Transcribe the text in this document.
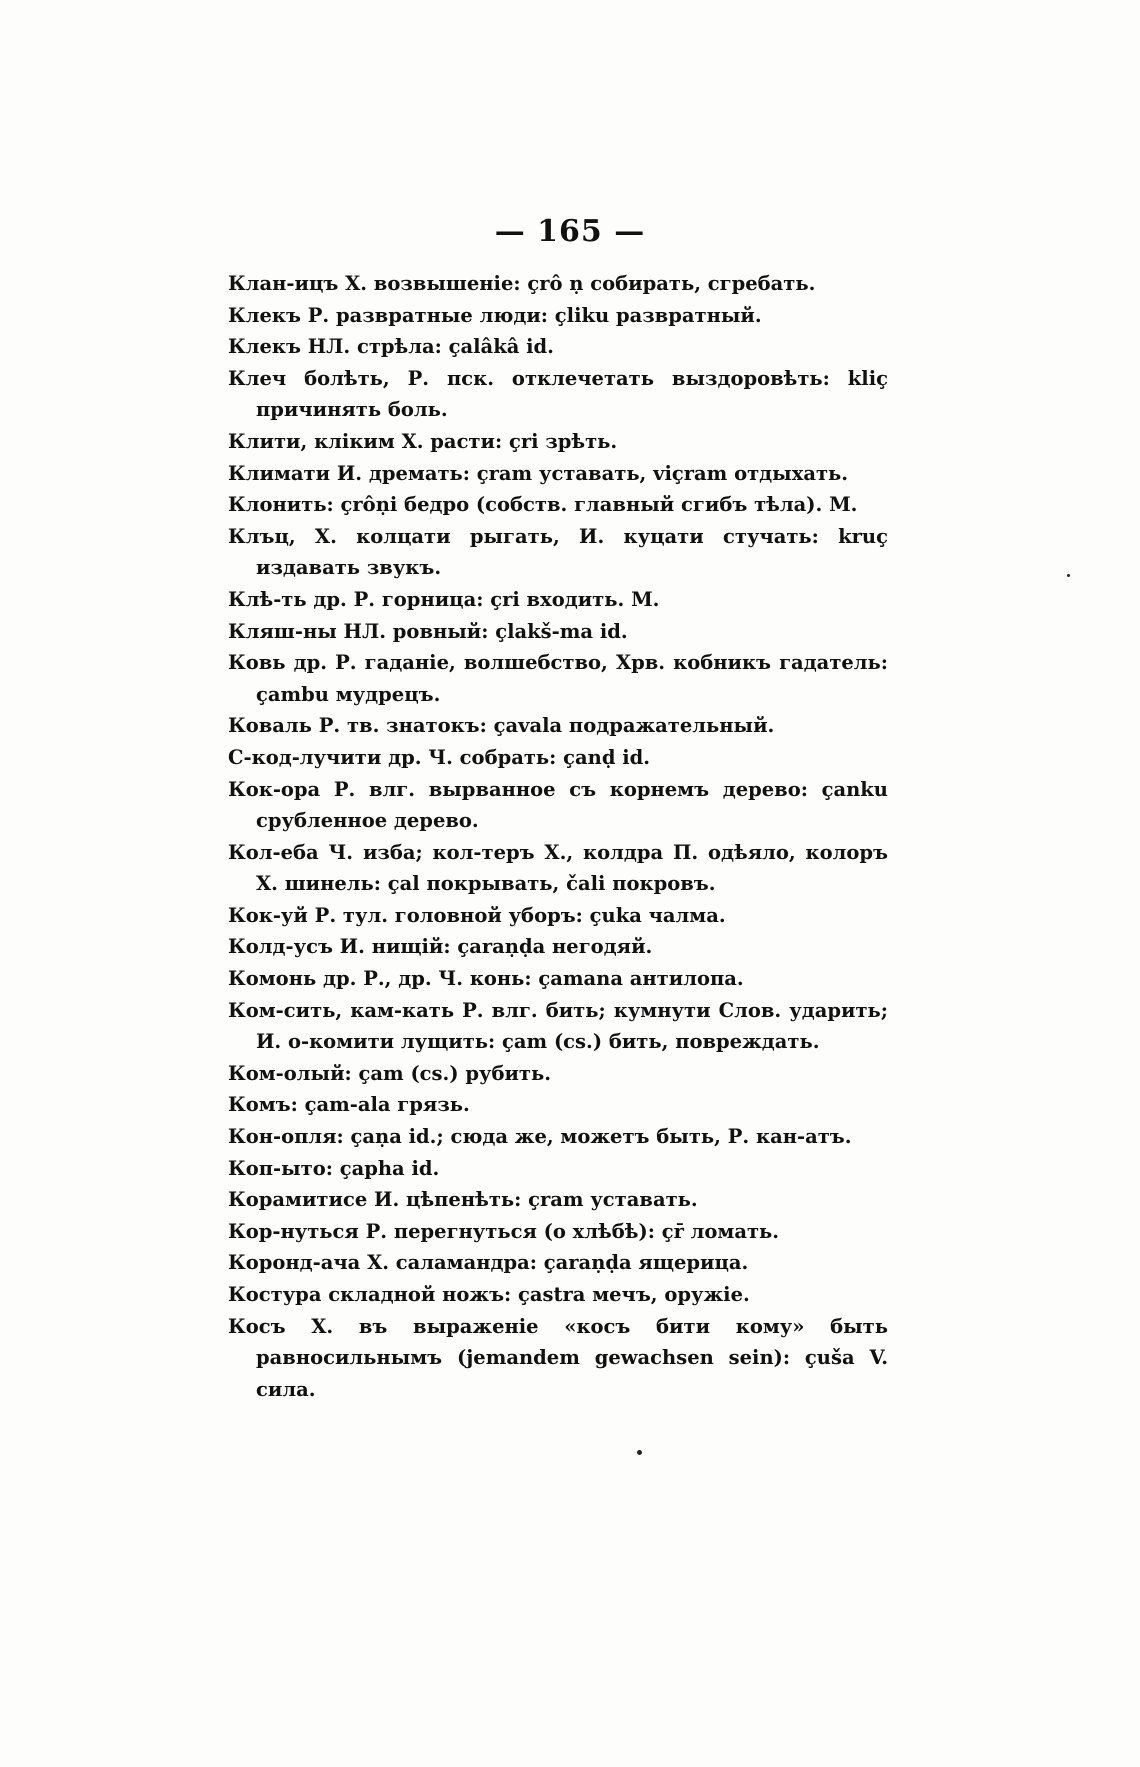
— 165 —

Клан-ицъ Х. возвышеніе: çrô ṇ собирать, сгребать.

Клекъ Р. развратные люди: çliku развратный.

Клекъ НЛ. стрѣла: çalâkâ id.

Клеч болѣть, Р. пск. отклечетать выздоровѣть: kliç причинять боль.

Клити, кліким Х. расти: çri зрѣть.

Климати И. дремать: çram уставать, viçram отдыхать.

Клонить: çrôṇi бедро (собств. главный сгибъ тѣла). М.

Клъц, Х. колцати рыгать, И. куцати стучать: kruç издавать звукъ.

Клѣ-ть др. Р. горница: çri входить. М.

Кляш-ны НЛ. ровный: çlakš-ma id.

Ковь др. Р. гаданіе, волшебство, Хрв. кобникъ гадатель: çambu мудрецъ.

Коваль Р. тв. знатокъ: çavala подражательный.

С-код-лучити др. Ч. собрать: çanḍ id.

Кок-ора Р. влг. вырванное съ корнемъ дерево: çanku срубленное дерево.

Кол-еба Ч. изба; кол-теръ Х., колдра П. одѣяло, колоръ Х. шинель: çal покрывать, čali покровъ.

Кок-уй Р. тул. головной уборъ: çuka чалма.

Колд-усъ И. нищій: çaraṇḍa негодяй.

Комонь др. Р., др. Ч. конь: çamana антилопа.

Ком-сить, кам-кать Р. влг. бить; кумнути Слов. ударить; И. о-комити лущить: çam (cs.) бить, повреждать.

Ком-олый: çam (cs.) рубить.

Комъ: çam-ala грязь.

Кон-опля: çaṇa id.; сюда же, можетъ быть, Р. кан-атъ.

Коп-ыто: çapha id.

Корамитисе И. цѣпенѣть: çram уставать.

Кор-нуться Р. перегнуться (о хлѣбѣ): çr̄ ломать.

Коронд-ача Х. саламандра: çaraṇḍa ящерица.

Костура складной ножъ: çastra мечъ, оружіе.

Косъ Х. въ выраженіе «косъ бити кому» быть равносильнымъ (jemandem gewachsen sein): çuša V. сила.
